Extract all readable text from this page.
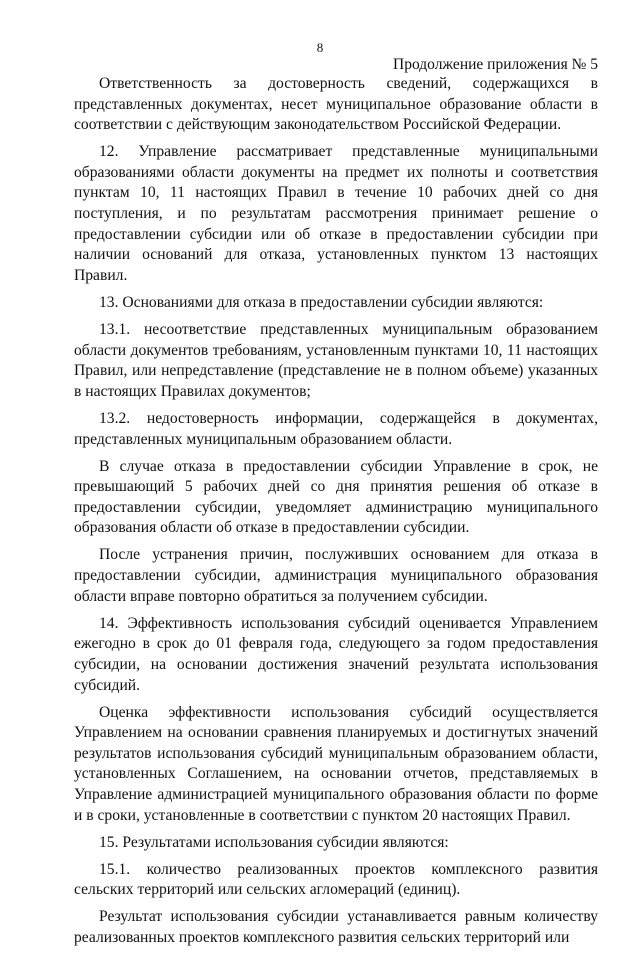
8
Продолжение приложения № 5

Ответственность за достоверность сведений, содержащихся в представленных документах, несет муниципальное образование области в соответствии с действующим законодательством Российской Федерации.

12. Управление рассматривает представленные муниципальными образованиями области документы на предмет их полноты и соответствия пунктам 10, 11 настоящих Правил в течение 10 рабочих дней со дня поступления, и по результатам рассмотрения принимает решение о предоставлении субсидии или об отказе в предоставлении субсидии при наличии оснований для отказа, установленных пунктом 13 настоящих Правил.

13. Основаниями для отказа в предоставлении субсидии являются:

13.1. несоответствие представленных муниципальным образованием области документов требованиям, установленным пунктами 10, 11 настоящих Правил, или непредставление (представление не в полном объеме) указанных в настоящих Правилах документов;

13.2. недостоверность информации, содержащейся в документах, представленных муниципальным образованием области.

В случае отказа в предоставлении субсидии Управление в срок, не превышающий 5 рабочих дней со дня принятия решения об отказе в предоставлении субсидии, уведомляет администрацию муниципального образования области об отказе в предоставлении субсидии.

После устранения причин, послуживших основанием для отказа в предоставлении субсидии, администрация муниципального образования области вправе повторно обратиться за получением субсидии.

14. Эффективность использования субсидий оценивается Управлением ежегодно в срок до 01 февраля года, следующего за годом предоставления субсидии, на основании достижения значений результата использования субсидий.

Оценка эффективности использования субсидий осуществляется Управлением на основании сравнения планируемых и достигнутых значений результатов использования субсидий муниципальным образованием области, установленных Соглашением, на основании отчетов, представляемых в Управление администрацией муниципального образования области по форме и в сроки, установленные в соответствии с пунктом 20 настоящих Правил.

15. Результатами использования субсидии являются:

15.1. количество реализованных проектов комплексного развития сельских территорий или сельских агломераций (единиц).

Результат использования субсидии устанавливается равным количеству реализованных проектов комплексного развития сельских территорий или
